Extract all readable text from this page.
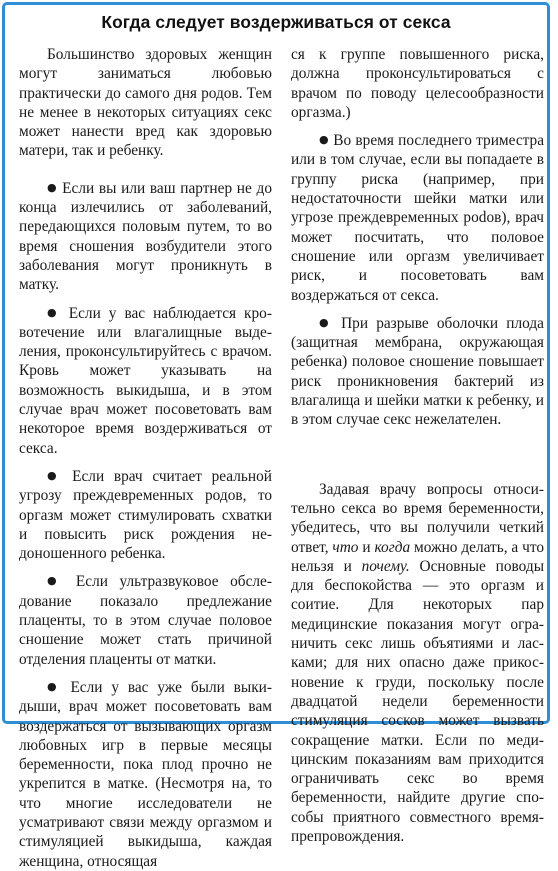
Когда следует воздерживаться от секса

Большинство здоровых женщин могут заниматься любовью практически до самого дня родов. Тем не менее в некоторых ситуациях секс может нанести вред как здоровью матери, так и ребенку.

● Если вы или ваш партнер не до конца излечились от заболеваний, передающихся половым путем, то во время сношения возбудители этого заболевания могут проникнуть в матку.

● Если у вас наблюдается кровотечение или влагалищные выделения, проконсультируйтесь с врачом. Кровь может указывать на возможность выкидыша, и в этом случае врач может посоветовать вам некоторое время воздерживаться от секса.

● Если врач считает реальной угрозу преждевременных родов, то оргазм может стимулировать схватки и повысить риск рождения недоношенного ребенка.

● Если ультразвуковое обследование показало предлежание плаценты, то в этом случае половое сношение может стать причиной отделения плаценты от матки.

● Если у вас уже были выкидыши, врач может посоветовать вам воздержаться от вызывающих оргазм любовных игр в первые месяцы беременности, пока плод прочно не укрепится в матке. (Несмотря на, то что многие исследователи не усматривают связи между оргазмом и стимуляцией выкидыша, каждая женщина, относящая

ся к группе повышенного риска, должна проконсультироваться с врачом по поводу целесообразности оргазма.)

● Во время последнего триместра или в том случае, если вы попадаете в группу риска (например, при недостаточности шейки матки или угрозе преждевременных роdов), врач может посчитать, что половое сношение или оргазм увеличивает риск, и посоветовать вам воздержаться от секса.

● При разрыве оболочки плода (защитная мембрана, окружающая ребенка) половое сношение повышает риск проникновения бактерий из влагалища и шейки матки к ребенку, и в этом случае секс нежелателен.

Задавая врачу вопросы относительно секса во время беременности, убедитесь, что вы получили четкий ответ, что и когда можно делать, а что нельзя и почему. Основные поводы для беспокойства — это оргазм и соитие. Для некоторых пар медицинские показания могут ограничить секс лишь объятиями и ласками; для них опасно даже прикосновение к груди, поскольку после двадцатой недели беременности стимуляция сосков может вызвать сокращение матки. Если по медицинским показаниям вам приходится ограничивать секс во время беременности, найдите другие способы приятного совместного времяпрепровождения.
